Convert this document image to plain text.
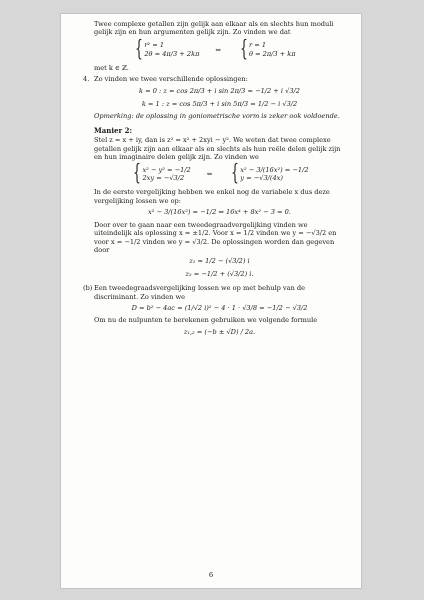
Twee complexe getallen zijn gelijk aan elkaar als en slechts hun moduli gelijk zijn en hun argumenten gelijk zijn. Zo vinden we dat

{ r² = 1
2θ = 4π/3 + 2kπ
⇔ { r = 1
θ = 2π/3 + kπ

met k ∈ ℤ.

4. Zo vinden we twee verschillende oplossingen:

k = 0 : z = cos 2π/3 + i sin 2π/3 = −1/2 + i √3/2
k = 1 : z = cos 5π/3 + i sin 5π/3 = 1/2 − i √3/2

Opmerking: de oplossing in goniometrische vorm is zeker ook voldoende.

Manier 2:

Stel z = x + iy, dan is z² = x² + 2xyi − y². We weten dat twee complexe getallen gelijk zijn aan elkaar als en slechts als hun reële delen gelijk zijn en hun imaginaire delen gelijk zijn. Zo vinden we

{ x² − y² = −1/2
2xy = −√3/2
⇔ { x² − 3/(16x²) = −1/2
y = −√3/(4x)

In de eerste vergelijking hebben we enkel nog de variabele x dus deze vergelijking lossen we op:

x² − 3/(16x²) = −1/2 ⇔ 16x⁴ + 8x² − 3 = 0.

Door over te gaan naar een tweedegraadvergelijking vinden we uiteindelijk als oplossing x = ±1/2. Voor x = 1/2 vinden we y = −√3/2 en voor x = −1/2 vinden we y = √3/2. De oplossingen worden dan gegeven door

z₁ = 1/2 − (√3/2) i
z₂ = −1/2 + (√3/2) i.
(b) Een tweedegraadsvergelijking lossen we op met behulp van de discriminant. Zo vinden we

D = b² − 4ac = (1/√2 i)² − 4 · 1 · √3/8 = −1/2 − √3/2

Om nu de nulpunten te berekenen gebruiken we volgende formule

z₁,₂ = (−b ± √D) / 2a.
6
